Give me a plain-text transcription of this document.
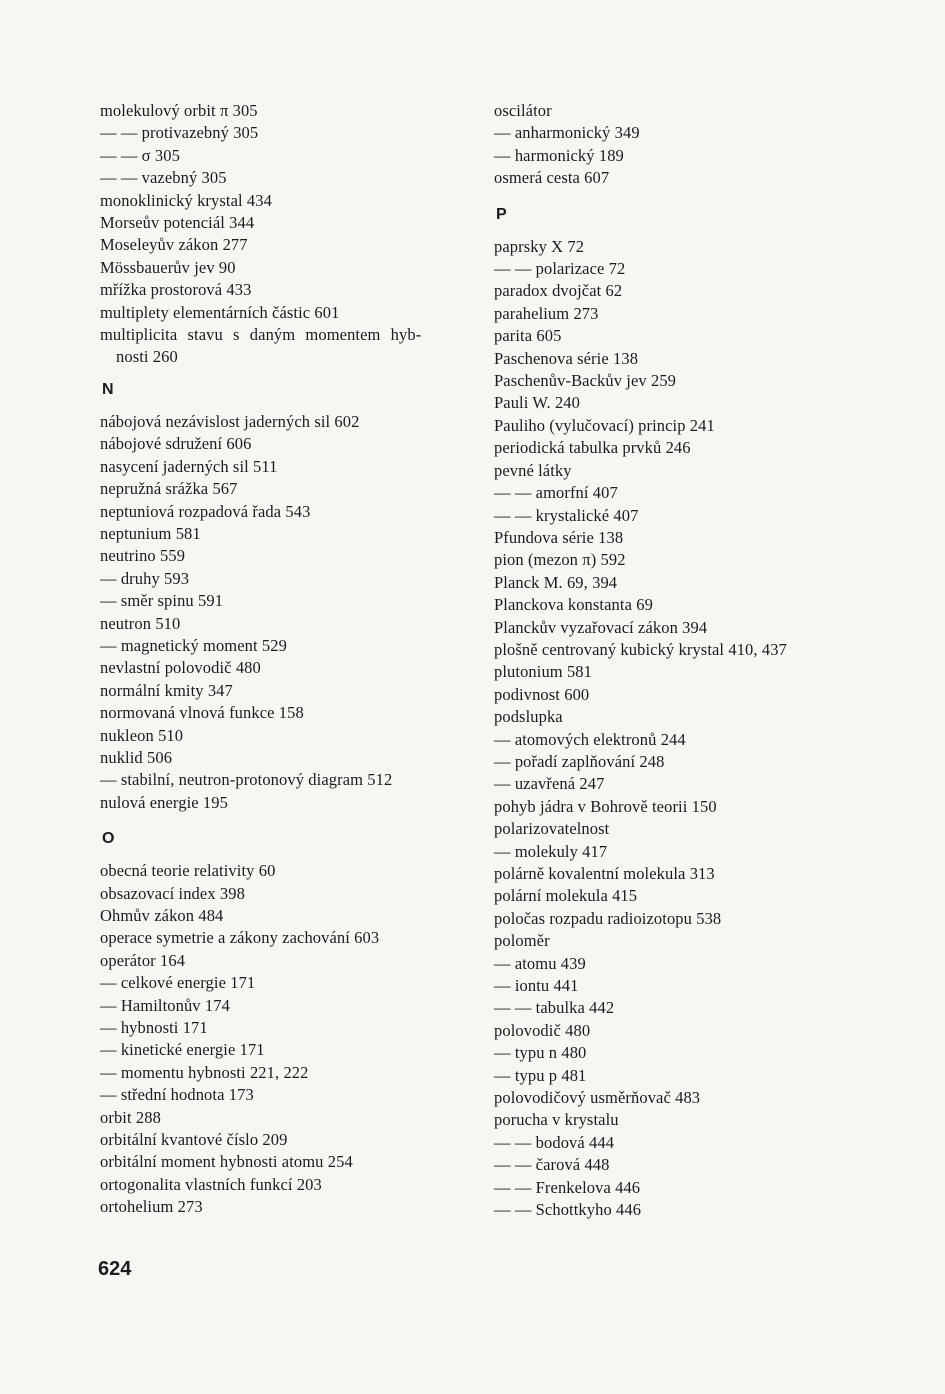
molekulový orbit π 305
— — protivazebný 305
— — σ 305
— — vazebný 305
monoklinický krystal 434
Morseův potenciál 344
Moseleyův zákon 277
Mössbauerův jev 90
mřížka prostorová 433
multiplety elementárních částic 601
multiplicita stavu s daným momentem hyb-
nosti 260
N
nábojová nezávislost jaderných sil 602
nábojové sdružení 606
nasycení jaderných sil 511
nepružná srážka 567
neptuniová rozpadová řada 543
neptunium 581
neutrino 559
— druhy 593
— směr spinu 591
neutron 510
— magnetický moment 529
nevlastní polovodič 480
normální kmity 347
normovaná vlnová funkce 158
nukleon 510
nuklid 506
— stabilní, neutron-protonový diagram 512
nulová energie 195
O
obecná teorie relativity 60
obsazovací index 398
Ohmův zákon 484
operace symetrie a zákony zachování 603
operátor 164
— celkové energie 171
— Hamiltonův 174
— hybnosti 171
— kinetické energie 171
— momentu hybnosti 221, 222
— střední hodnota 173
orbit 288
orbitální kvantové číslo 209
orbitální moment hybnosti atomu 254
ortogonalita vlastních funkcí 203
ortohelium 273
oscilátor
— anharmonický 349
— harmonický 189
osmerá cesta 607
P
paprsky X 72
— — polarizace 72
paradox dvojčat 62
parahelium 273
parita 605
Paschenova série 138
Paschenův-Backův jev 259
Pauli W. 240
Pauliho (vylučovací) princip 241
periodická tabulka prvků 246
pevné látky
— — amorfní 407
— — krystalické 407
Pfundova série 138
pion (mezon π) 592
Planck M. 69, 394
Planckova konstanta 69
Planckův vyzařovací zákon 394
plošně centrovaný kubický krystal 410, 437
plutonium 581
podivnost 600
podslupka
— atomových elektronů 244
— pořadí zaplňování 248
— uzavřená 247
pohyb jádra v Bohrově teorii 150
polarizovatelnost
— molekuly 417
polárně kovalentní molekula 313
polární molekula 415
poločas rozpadu radioizotopu 538
poloměr
— atomu 439
— iontu 441
— — tabulka 442
polovodič 480
— typu n 480
— typu p 481
polovodičový usměrňovač 483
porucha v krystalu
— — bodová 444
— — čarová 448
— — Frenkelova 446
— — Schottkyho 446
624
